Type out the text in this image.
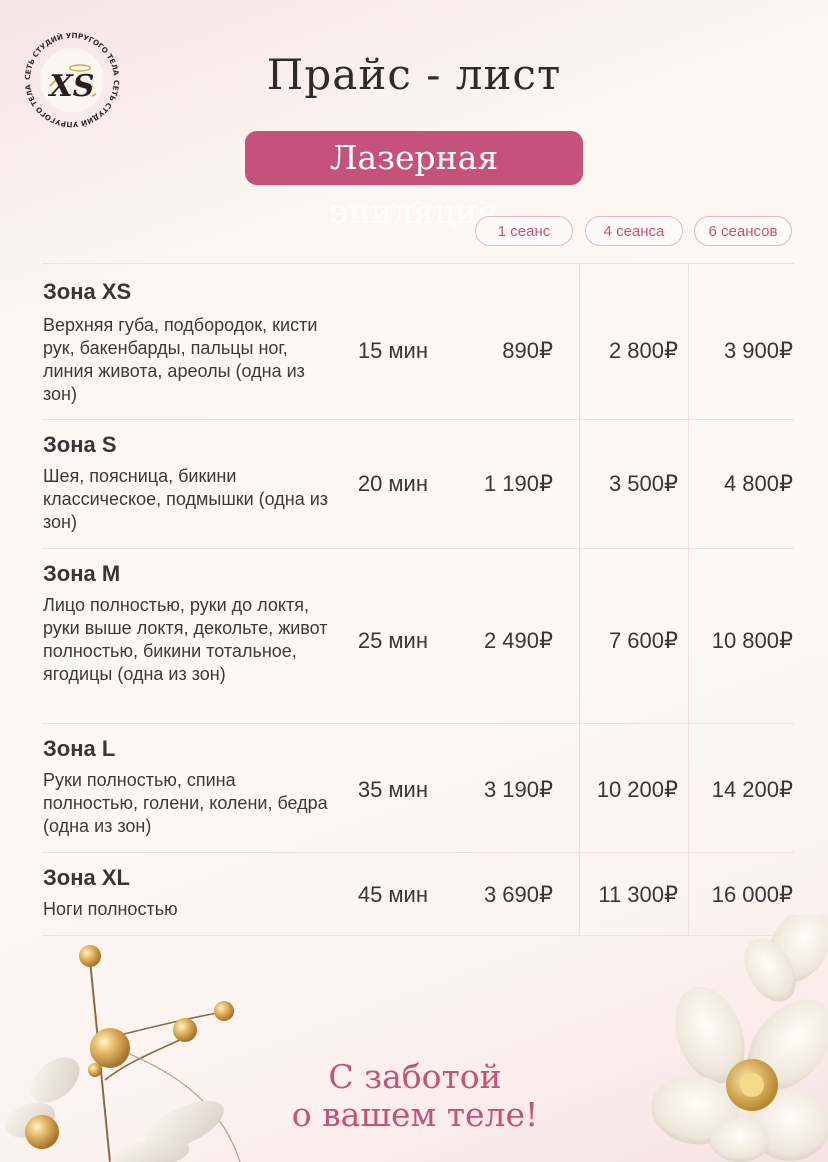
СЕТЬ СТУДИЙ УПРУГОГО ТЕЛА
СЕТЬ СТУДИЙ УПРУГОГО ТЕЛА XS	Прайс - лист
Лазерная эпиляция
1 сеанс	4 сеанса	6 сеансов
Зона XS
Верхняя губа, подбородок, кисти рук, бакенбарды, пальцы ног, линия живота, ареолы (одна из зон)
15 мин	890₽	2 800₽	3 900₽
Зона S
Шея, поясница, бикини классическое, подмышки (одна из зон)
20 мин	1 190₽	3 500₽	4 800₽
Зона M
Лицо полностью, руки до локтя, руки выше локтя, декольте, живот полностью, бикини тотальное, ягодицы (одна из зон)
25 мин	2 490₽	7 600₽	10 800₽
Зона L
Руки полностью, спина полностью, голени, колени, бедра (одна из зон)
35 мин	3 190₽	10 200₽	14 200₽
Зона XL
Ноги полностью
45 мин	3 690₽	11 300₽	16 000₽
С заботой
о вашем теле!
